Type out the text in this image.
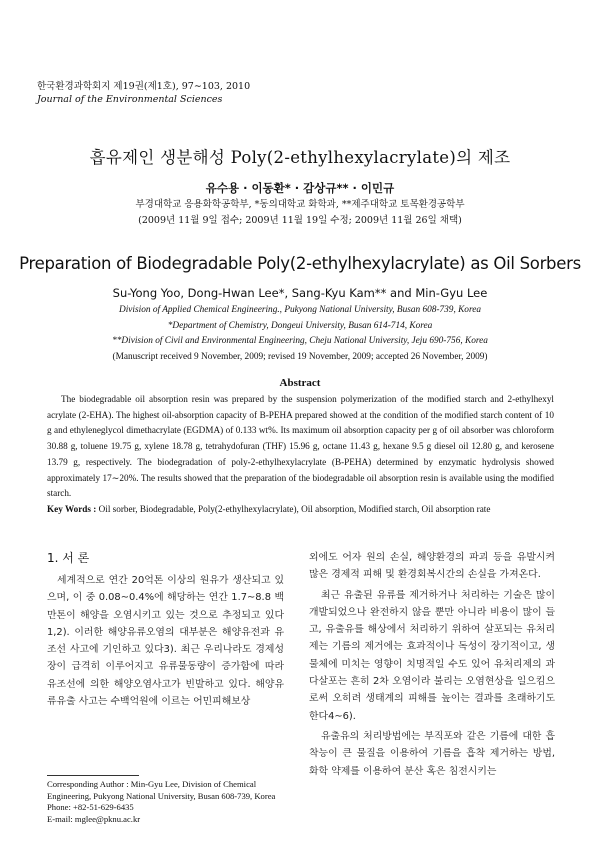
한국환경과학회지 제19권(제1호), 97∼103, 2010
Journal of the Environmental Sciences
흡유제인 생분해성 Poly(2-ethylhexylacrylate)의 제조
유수용 · 이동환* · 감상규** · 이민규
부경대학교 응용화학공학부, *동의대학교 화학과, **제주대학교 토목환경공학부
(2009년 11월 9일 접수; 2009년 11월 19일 수정; 2009년 11월 26일 채택)
Preparation of Biodegradable Poly(2-ethylhexylacrylate) as Oil Sorbers
Su-Yong Yoo, Dong-Hwan Lee*, Sang-Kyu Kam** and Min-Gyu Lee
Division of Applied Chemical Engineering., Pukyong National University, Busan 608-739, Korea
*Department of Chemistry, Dongeui University, Busan 614-714, Korea
**Division of Civil and Environmental Engineering, Cheju National University, Jeju 690-756, Korea
(Manuscript received 9 November, 2009; revised 19 November, 2009; accepted 26 November, 2009)
Abstract
The biodegradable oil absorption resin was prepared by the suspension polymerization of the modified starch and 2-ethylhexyl acrylate (2-EHA). The highest oil-absorption capacity of B-PEHA prepared showed at the condition of the modified starch content of 10 g and ethyleneglycol dimethacrylate (EGDMA) of 0.133 wt%. Its maximum oil absorption capacity per g of oil absorber was chloroform 30.88 g, toluene 19.75 g, xylene 18.78 g, tetrahydofuran (THF) 15.96 g, octane 11.43 g, hexane 9.5 g diesel oil 12.80 g, and kerosene 13.79 g, respectively. The biodegradation of poly-2-ethylhexylacrylate (B-PEHA) determined by enzymatic hydrolysis showed approximately 17∼20%. The results showed that the preparation of the biodegradable oil absorption resin is available using the modified starch.
Key Words : Oil sorber, Biodegradable, Poly(2-ethylhexylacrylate), Oil absorption, Modified starch, Oil absorption rate
1. 서 론
세계적으로 연간 20억톤 이상의 원유가 생산되고 있으며, 이 중 0.08∼0.4%에 해당하는 연간 1.7∼8.8 백만톤이 해양을 오염시키고 있는 것으로 추정되고 있다1,2). 이러한 해양유류오염의 대부분은 해양유전과 유조선 사고에 기인하고 있다3). 최근 우리나라도 경제성장이 급격히 이루어지고 유류물동량이 증가함에 따라 유조선에 의한 해양오염사고가 빈발하고 있다. 해양유류유출 사고는 수백억원에 이르는 어민피해보상

외에도 어자 원의 손실, 해양환경의 파괴 등을 유발시켜 많은 경제적 피해 및 환경회복시간의 손실을 가져온다.

최근 유출된 유류를 제거하거나 처리하는 기술은 많이 개발되었으나 완전하지 않을 뿐만 아니라 비용이 많이 들고, 유출유를 해상에서 처리하기 위하여 살포되는 유처리제는 기름의 제거에는 효과적이나 독성이 장기적이고, 생물체에 미치는 영향이 치명적일 수도 있어 유처리제의 과다살포는 흔히 2차 오염이라 불리는 오염현상을 일으킴으로써 오히려 생태계의 피해를 높이는 결과를 초래하기도 한다4∼6).

유출유의 처리방법에는 부직포와 같은 기름에 대한 흡착능이 큰 물질을 이용하여 기름을 흡착 제거하는 방법, 화학 약제를 이용하여 분산 혹은 침전시키는

Corresponding Author : Min-Gyu Lee, Division of Chemical Engineering, Pukyong National University, Busan 608-739, Korea
Phone: +82-51-629-6435
E-mail: mglee@pknu.ac.kr
